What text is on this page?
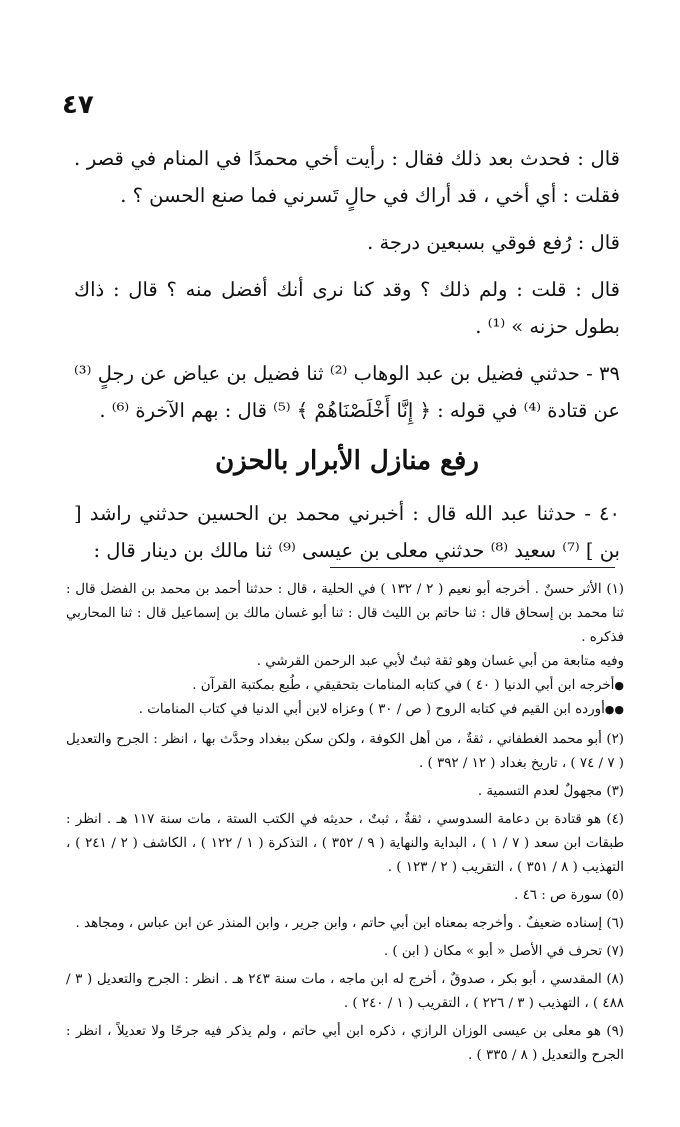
٤٧

قال : فحدث بعد ذلك فقال : رأيت أخي محمدًا في المنام في قصر . فقلت : أي أخي ، قد أراك في حالٍ تَسرني فما صنع الحسن ؟ .

قال : رُفع فوقي بسبعين درجة .

قال : قلت : ولم ذلك ؟ وقد كنا نرى أنك أفضل منه ؟ قال : ذاك بطول حزنه » ⁽¹⁾ .

٣٩ - حدثني فضيل بن عبد الوهاب ⁽²⁾ ثنا فضيل بن عياض عن رجلٍ ⁽³⁾ عن قتادة ⁽⁴⁾ في قوله : ﴿ إِنَّا أَخْلَصْنَاهُمْ ﴾ ⁽⁵⁾ قال : بهم الآخرة ⁽⁶⁾ .

رفع منازل الأبرار بالحزن

٤٠ - حدثنا عبد الله قال : أخبرني محمد بن الحسين حدثني راشد [ بن ] ⁽⁷⁾ سعيد ⁽⁸⁾ حدثني معلى بن عيسى ⁽⁹⁾ ثنا مالك بن دينار قال :

(١) الأثر حسنٌ . أخرجه أبو نعيم ( ٢ / ١٣٢ ) في الحلية ، قال : حدثنا أحمد بن محمد بن الفضل قال : ثنا محمد بن إسحاق قال : ثنا حاتم بن الليث قال : ثنا أبو غسان مالك بن إسماعيل قال : ثنا المحاربي فذكره .

وفيه متابعة من أبي غسان وهو ثقة ثبتٌ لأبي عبد الرحمن القرشي .

●أخرجه ابن أبي الدنيا ( ٤٠ ) في كتابه المنامات بتحقيقي ، طُبع بمكتبة القرآن .

●●أورده ابن القيم في كتابه الروح ( ص / ٣٠ ) وعزاه لابن أبي الدنيا في كتاب المنامات .

(٢) أبو محمد الغطفاني ، ثقةٌ ، من أهل الكوفة ، ولكن سكن ببغداد وحدَّث بها ، انظر : الجرح والتعديل ( ٧ / ٧٤ ) ، تاريخ بغداد ( ١٢ / ٣٩٢ ) .

(٣) مجهولٌ لعدم التسمية .

(٤) هو قتادة بن دعامة السدوسي ، ثقةٌ ، ثبتٌ ، حديثه في الكتب الستة ، مات سنة ١١٧ هـ . انظر : طبقات ابن سعد ( ٧ / ١ ) ، البداية والنهاية ( ٩ / ٣٥٢ ) ، التذكرة ( ١ / ١٢٢ ) ، الكاشف ( ٢ / ٢٤١ ) ، التهذيب ( ٨ / ٣٥١ ) ، التقريب ( ٢ / ١٢٣ ) .

(٥) سورة ص : ٤٦ .

(٦) إسناده ضعيفٌ . وأخرجه بمعناه ابن أبي حاتم ، وابن جرير ، وابن المنذر عن ابن عباس ، ومجاهد .

(٧) تحرف في الأصل « أبو » مكان ( ابن ) .

(٨) المقدسي ، أبو بكر ، صدوقٌ ، أخرج له ابن ماجه ، مات سنة ٢٤٣ هـ . انظر : الجرح والتعديل ( ٣ / ٤٨٨ ) ، التهذيب ( ٣ / ٢٢٦ ) ، التقريب ( ١ / ٢٤٠ ) .

(٩) هو معلى بن عيسى الوزان الرازي ، ذكره ابن أبي حاتم ، ولم يذكر فيه جرحًا ولا تعديلاً ، انظر : الجرح والتعديل ( ٨ / ٣٣٥ ) .
